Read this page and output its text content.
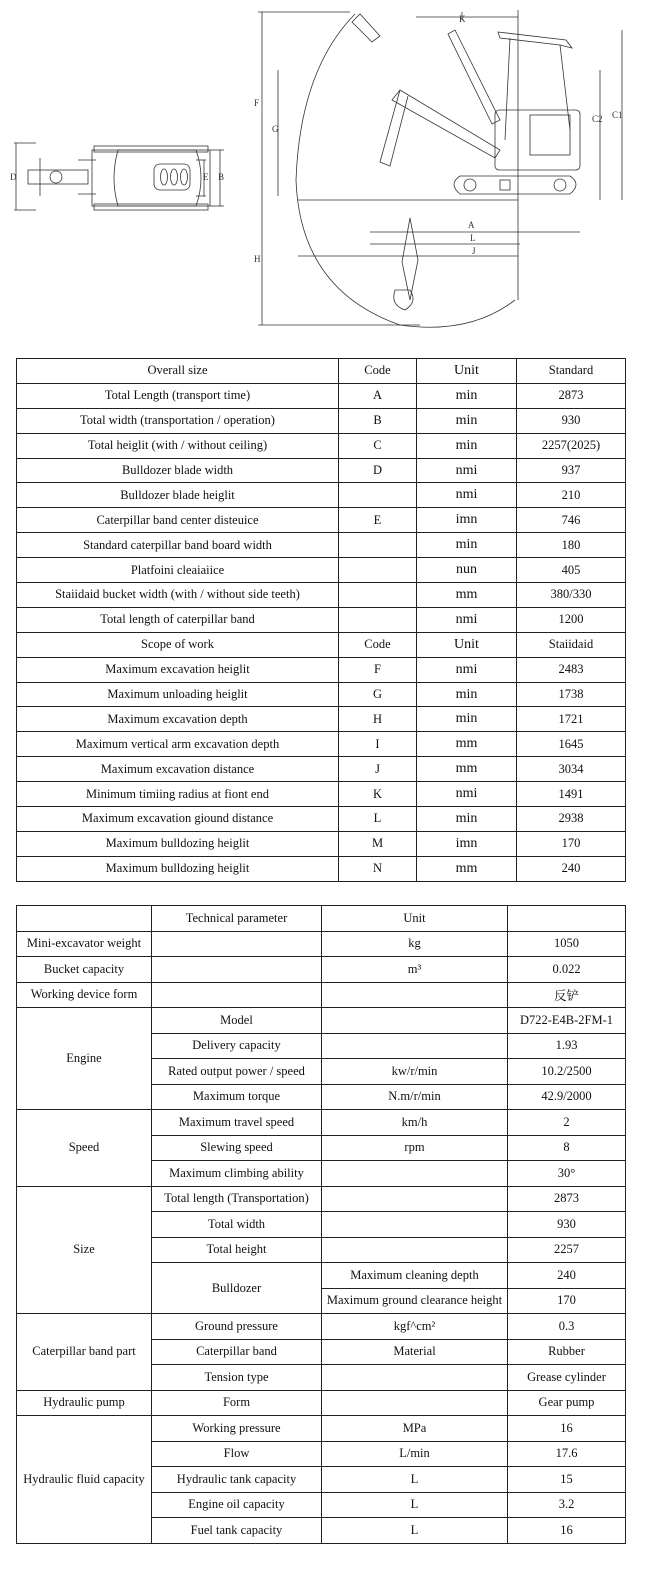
K
F
G
C1
C2
A
L
J
H
D	E B
Overall size	Code	Unit	Standard
Total Length (transport time)	A	min	2873
Total width (transportation / operation)	B	min	930
Total heiglit (with / without ceiling)	C	min	2257(2025)
Bulldozer blade width	D	nmi	937
Bulldozer blade heiglit		nmi	210
Caterpillar band center disteuice	E	imn	746
Standard caterpillar band board width		min	180
Platfoini cleaiaiice		nun	405
Staiidaid bucket width (with / without side teeth)		mm	380/330
Total length of caterpillar band		nmi	1200
Scope of work	Code	Unit	Staiidaid
Maximum excavation heiglit	F	nmi	2483
Maximum unloading heiglit	G	min	1738
Maximum excavation depth	H	min	1721
Maximum vertical arm excavation depth	I	mm	1645
Maximum excavation distance	J	mm	3034
Minimum timiing radius at fiont end	K	nmi	1491
Maximum excavation giound distance	L	min	2938
Maximum bulldozing heiglit	M	imn	170
Maximum bulldozing heiglit	N	mm	240
	Technical parameter	Unit	
Mini-excavator weight		kg	1050
Bucket capacity		m³	0.022
Working device form			反铲
Engine	Model		D722-E4B-2FM-1
	Delivery capacity		1.93
	Rated output power / speed	kw/r/min	10.2/2500
	Maximum torque	N.m/r/min	42.9/2000
Speed	Maximum travel speed	km/h	2
	Slewing speed	rpm	8
	Maximum climbing ability		30°
Size	Total length (Transportation)		2873
	Total width		930
	Total height		2257
	Bulldozer	Maximum cleaning depth	240
		Maximum ground clearance height	170
Caterpillar band part	Ground pressure	kgf^cm²	0.3
	Caterpillar band	Material	Rubber
	Tension type		Grease cylinder
Hydraulic pump	Form		Gear pump
Hydraulic fluid capacity	Working pressure	MPa	16
	Flow	L/min	17.6
	Hydraulic tank capacity	L	15
	Engine oil capacity	L	3.2
	Fuel tank capacity	L	16
